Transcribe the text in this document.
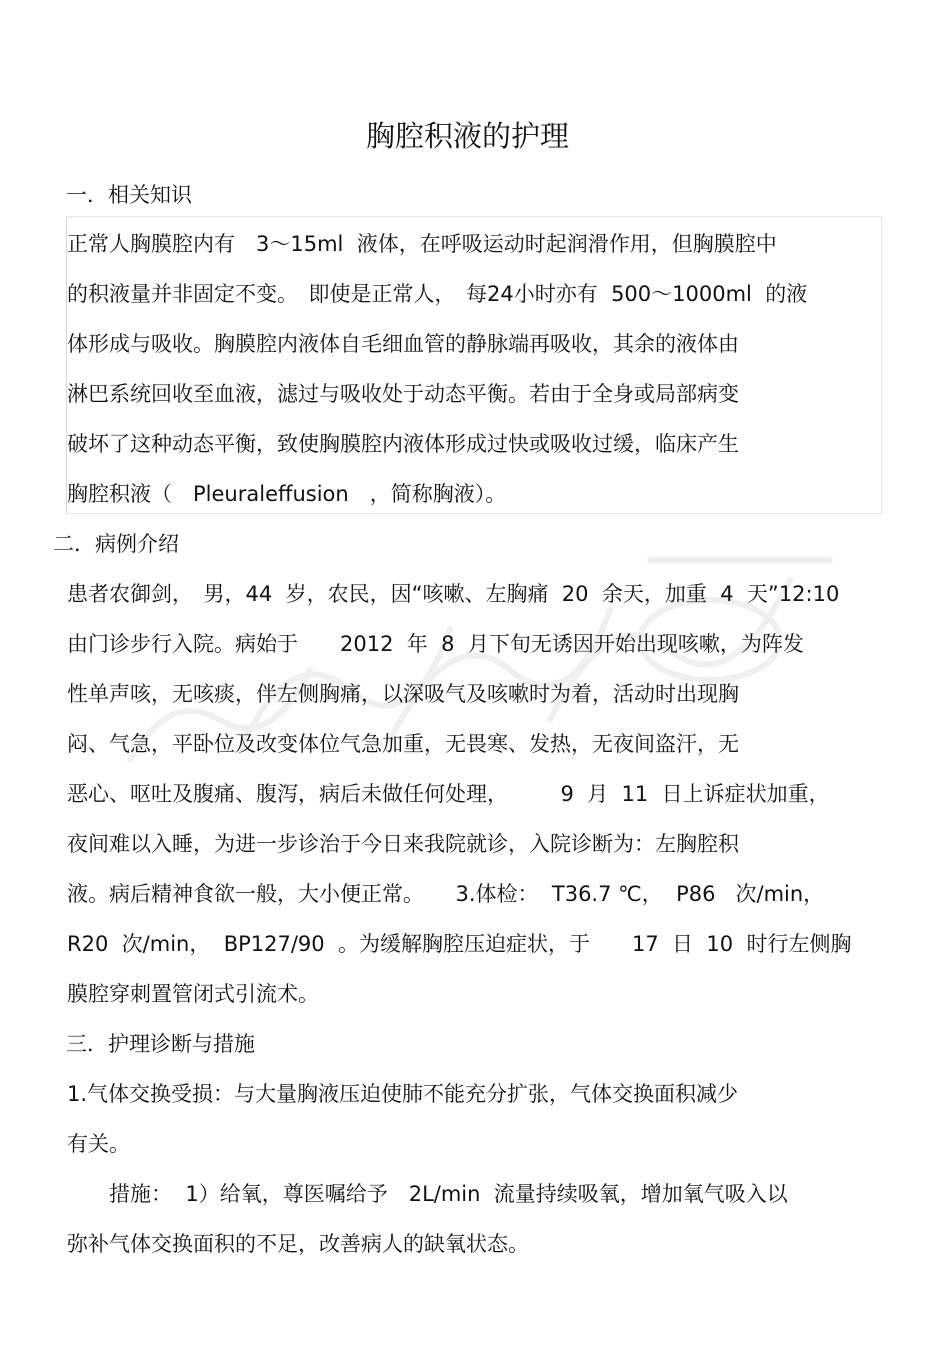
胸腔积液的护理
一．相关知识
正常人胸膜腔内有　3～15ml  液体，在呼吸运动时起润滑作用，但胸膜腔中
的积液量并非固定不变。　即使是正常人，　每24小时亦有  500～1000ml  的液
体形成与吸收。胸膜腔内液体自毛细血管的静脉端再吸收，其余的液体由
淋巴系统回收至血液，滤过与吸收处于动态平衡。若由于全身或局部病变
破坏了这种动态平衡，致使胸膜腔内液体形成过快或吸收过缓，临床产生
胸腔积液（　Pleuraleffusion　，简称胸液）。
二．病例介绍
患者农御剑，　男，44  岁，农民，因“咳嗽、左胸痛  20  余天，加重  4  天”12:10
由门诊步行入院。病始于　　2012  年  8  月下旬无诱因开始出现咳嗽，为阵发
性单声咳，无咳痰，伴左侧胸痛，以深吸气及咳嗽时为着，活动时出现胸
闷、气急，平卧位及改变体位气急加重，无畏寒、发热，无夜间盗汗，无
恶心、呕吐及腹痛、腹泻，病后未做任何处理，　　　9  月  11  日上诉症状加重，
夜间难以入睡，为进一步诊治于今日来我院就诊，入院诊断为：左胸腔积
液。病后精神食欲一般，大小便正常。　　3.体检：  T36.7 ℃，  P86   次/min，
R20  次/min，  BP127/90  。为缓解胸腔压迫症状，于　　17  日  10  时行左侧胸
膜腔穿刺置管闭式引流术。
三．护理诊断与措施
1.气体交换受损：与大量胸液压迫使肺不能充分扩张，气体交换面积减少
有关。
　　措施：  1）给氧，尊医嘱给予　2L/min  流量持续吸氧，增加氧气吸入以
弥补气体交换面积的不足，改善病人的缺氧状态。
